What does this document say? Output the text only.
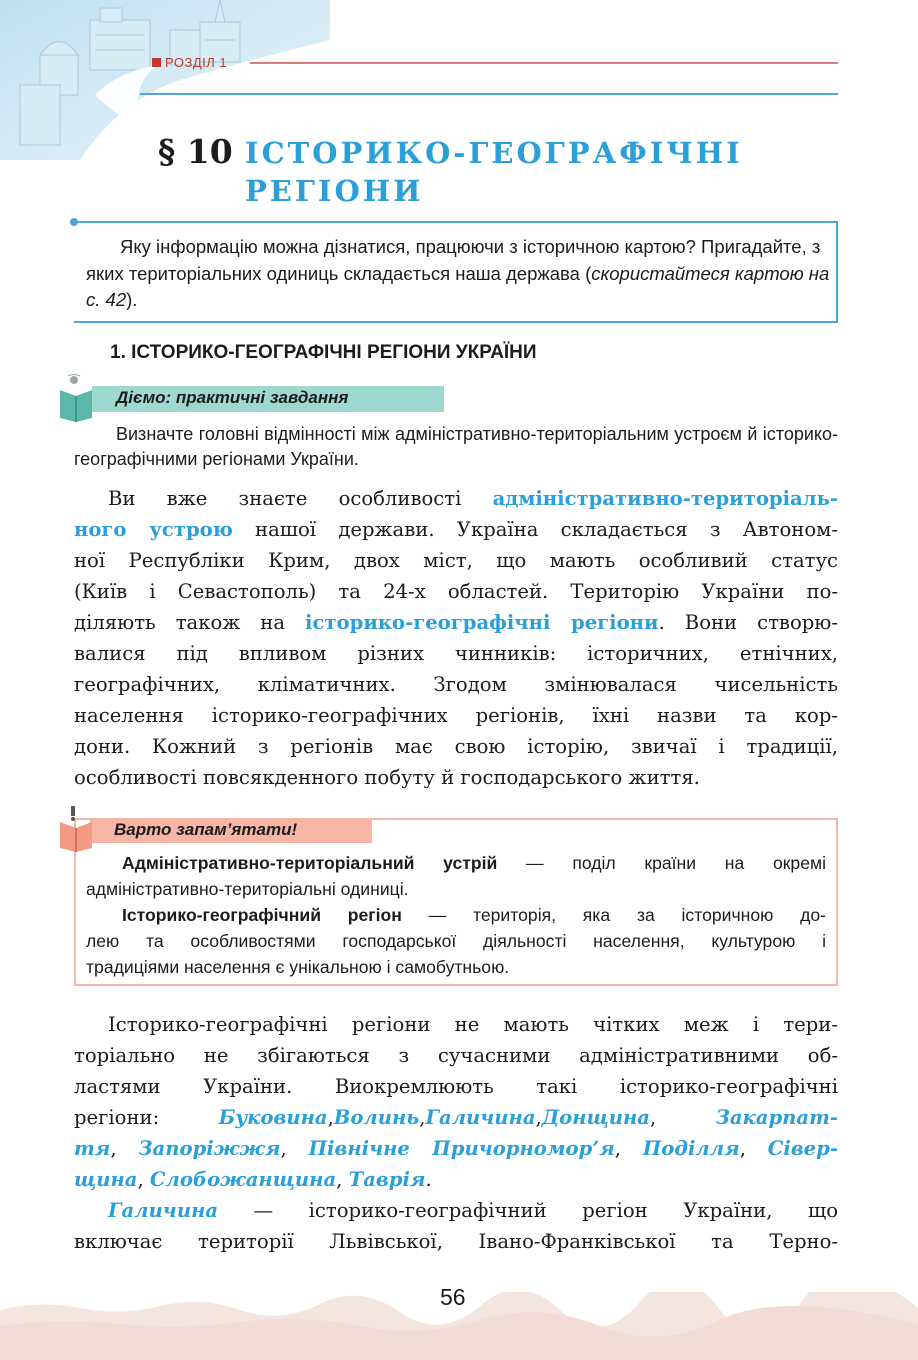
РОЗДІЛ 1
§ 10 ІСТОРИКО-ГЕОГРАФІЧНІ
РЕГІОНИ
Яку інформацію можна дізнатися, працюючи з історичною картою? Пригадайте, з яких територіальних одиниць складається наша держава (скористайтеся картою на с. 42).
1. ІСТОРИКО-ГЕОГРАФІЧНІ РЕГІОНИ УКРАЇНИ
Діємо: практичні завдання
Визначте головні відмінності між адміністративно-територіальним устроєм й історико-географічними регіонами України.
Ви вже знаєте особливості адміністративно-територіаль-
ного устрою нашої держави. Україна складається з Автоном-
ної Республіки Крим, двох міст, що мають особливий статус
(Київ і Севастополь) та 24-х областей. Територію України по-
діляють також на історико-географічні регіони. Вони створю-
валися під впливом різних чинників: історичних, етнічних,
географічних, кліматичних. Згодом змінювалася чисельність
населення історико-географічних регіонів, їхні назви та кор-
дони. Кожний з регіонів має свою історію, звичаї і традиції,
особливості повсякденного побуту й господарського життя.
Варто запам’ятати!
Адміністративно-територіальний устрій — поділ країни на окремі
адміністративно-територіальні одиниці.
Історико-географічний регіон — територія, яка за історичною до-
лею та особливостями господарської діяльності населення, культурою і
традиціями населення є унікальною і самобутньою.
Історико-географічні регіони не мають чітких меж і тери-
торіально не збігаються з сучасними адміністративними об-
ластями України. Виокремлюють такі історико-географічні
регіони: Буковина,Волинь,Галичина,Донщина,	Закарпат-
тя, Запоріжжя, Північне Причорномор’я, Поділля, Сівер-
щина, Слобожанщина, Таврія.
Галичина — історико-географічний регіон України, що
включає території Львівської, Івано-Франківської та Терно-
56
